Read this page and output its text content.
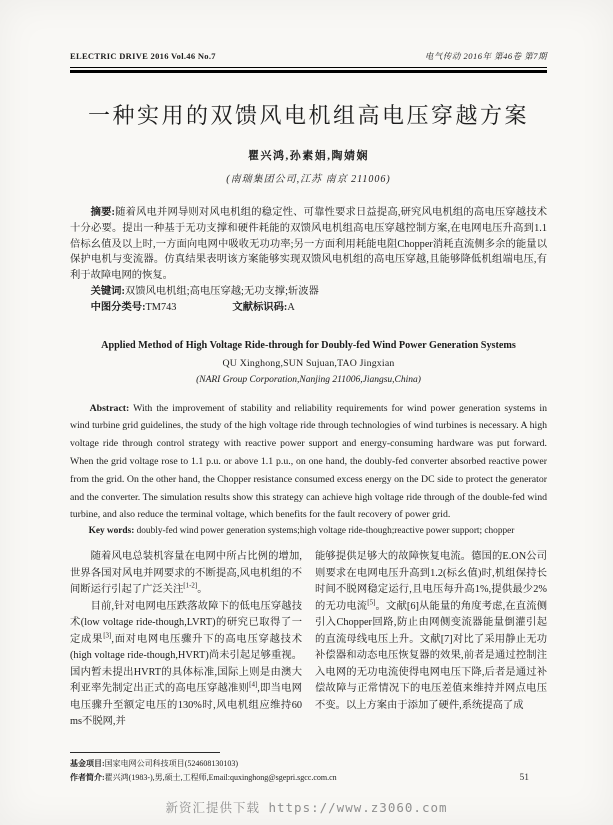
ELECTRIC DRIVE 2016 Vol.46 No.7	电气传动 2016年 第46卷 第7期
一种实用的双馈风电机组高电压穿越方案
瞿兴鸿,孙素娟,陶婧娴
(南瑞集团公司,江苏 南京 211006)

摘要:随着风电并网导则对风电机组的稳定性、可靠性要求日益提高,研究风电机组的高电压穿越技术十分必要。提出一种基于无功支撑和硬件耗能的双馈风电机组高电压穿越控制方案,在电网电压升高到1.1倍标幺值及以上时,一方面向电网中吸收无功功率;另一方面利用耗能电阻Chopper消耗直流侧多余的能量以保护电机与变流器。仿真结果表明该方案能够实现双馈风电机组的高电压穿越,且能够降低机组端电压,有利于故障电网的恢复。

关键词:双馈风电机组;高电压穿越;无功支撑;斩波器

中图分类号:TM743	文献标识码:A

Applied Method of High Voltage Ride-through for Doubly-fed Wind Power Generation Systems
QU Xinghong,SUN Sujuan,TAO Jingxian
(NARI Group Corporation,Nanjing 211006,Jiangsu,China)

Abstract: With the improvement of stability and reliability requirements for wind power generation systems in wind turbine grid guidelines, the study of the high voltage ride through technologies of wind turbines is necessary. A high voltage ride through control strategy with reactive power support and energy-consuming hardware was put forward. When the grid voltage rose to 1.1 p.u. or above 1.1 p.u., on one hand, the doubly-fed converter absorbed reactive power from the grid. On the other hand, the Chopper resistance consumed excess energy on the DC side to protect the generator and the converter. The simulation results show this strategy can achieve high voltage ride through of the double-fed wind turbine, and also reduce the terminal voltage, which benefits for the fault recovery of power grid.

Key words: doubly-fed wind power generation systems;high voltage ride-though;reactive power support; chopper

随着风电总装机容量在电网中所占比例的增加,世界各国对风电并网要求的不断提高,风电机组的不间断运行引起了广泛关注[1-2]。

目前,针对电网电压跌落故障下的低电压穿越技术(low voltage ride-though,LVRT)的研究已取得了一定成果[3],面对电网电压骤升下的高电压穿越技术(high voltage ride-though,HVRT)尚未引起足够重视。国内暂未提出HVRT的具体标准,国际上则是由澳大利亚率先制定出正式的高电压穿越准则[4],即当电网电压骤升至额定电压的130%时,风电机组应维持60 ms不脱网,并

能够提供足够大的故障恢复电流。德国的E.ON公司则要求在电网电压升高到1.2(标幺值)时,机组保持长时间不脱网稳定运行,且电压每升高1%,提供最少2%的无功电流[5]。文献[6]从能量的角度考虑,在直流侧引入Chopper回路,防止由网侧变流器能量倒灌引起的直流母线电压上升。文献[7]对比了采用静止无功补偿器和动态电压恢复器的效果,前者是通过控制注入电网的无功电流使得电网电压下降,后者是通过补偿故障与正常情况下的电压差值来维持并网点电压不变。以上方案由于添加了硬件,系统提高了成

基金项目:国家电网公司科技项目(524608130103)

作者简介:瞿兴鸿(1983-),男,硕士,工程师,Email:quxinghong@sgepri.sgcc.com.cn	51
新资汇提供下载 https://www.z3060.com
